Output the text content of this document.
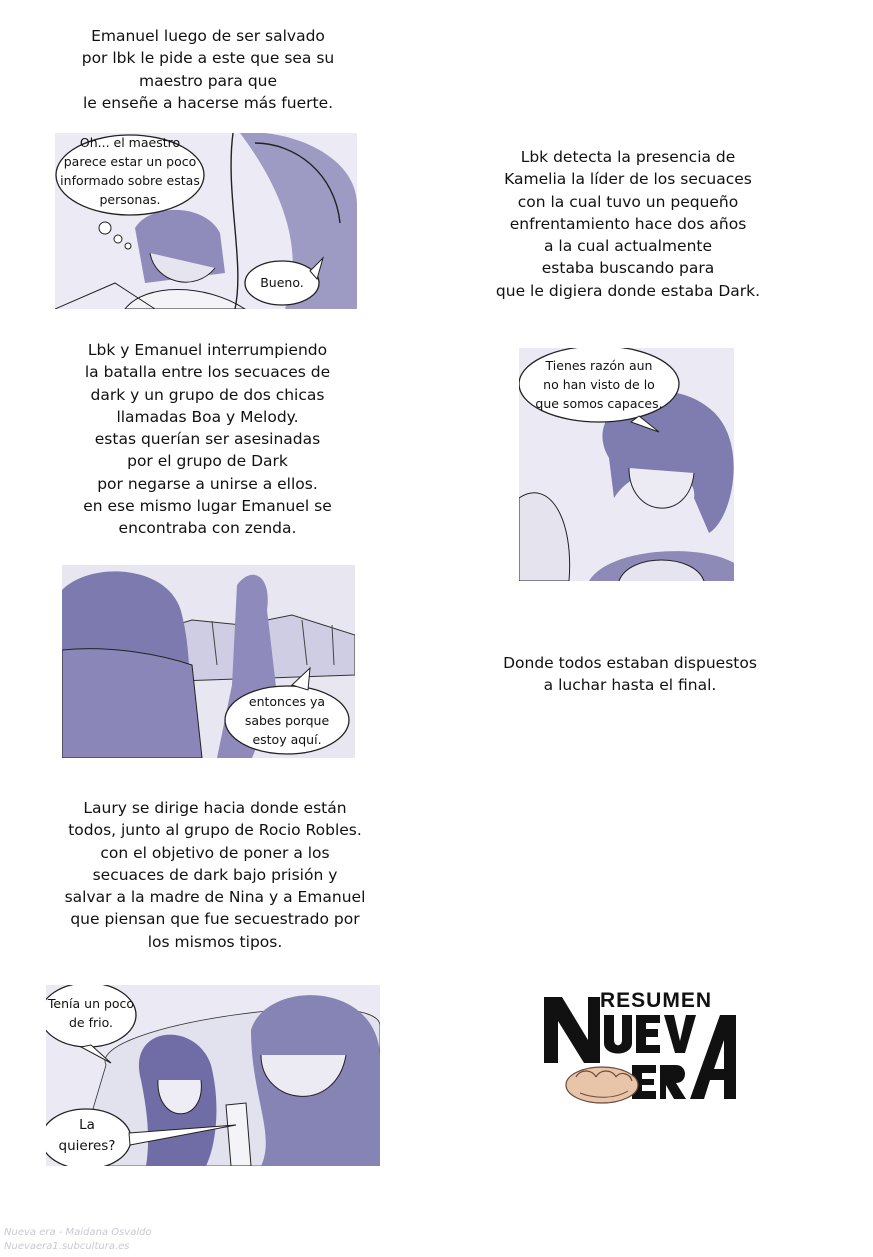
Emanuel luego de ser salvado
por lbk le pide a este que sea su
maestro para que
le enseñe a hacerse más fuerte.
Oh... el maestro
parece estar un poco
informado sobre estas
personas.
Bueno.
Lbk detecta la presencia de
Kamelia la líder de los secuaces
con la cual tuvo un pequeño
enfrentamiento hace dos años
a la cual actualmente
estaba buscando para
que le digiera donde estaba Dark.
Lbk y Emanuel interrumpiendo
la batalla entre los secuaces de
dark y un grupo de dos chicas
llamadas Boa y Melody.
estas querían ser asesinadas
por el grupo de Dark
por negarse a unirse a ellos.
en ese mismo lugar Emanuel se
encontraba con zenda.
Tienes razón aun
no han visto de lo
que somos capaces.
entonces ya
sabes porque
estoy aquí.
Donde todos estaban dispuestos
a luchar hasta el final.
Laury se dirige hacia donde están
todos, junto al grupo de Rocio Robles.
con el objetivo de poner a los
secuaces de dark bajo prisión y
salvar a la madre de Nina y a Emanuel
que piensan que fue secuestrado por
los mismos tipos.
Tenía un poco
de frio.
La
quieres?
RESUMEN
Nueva era - Maidana Osvaldo
Nuevaera1.subcultura.es
